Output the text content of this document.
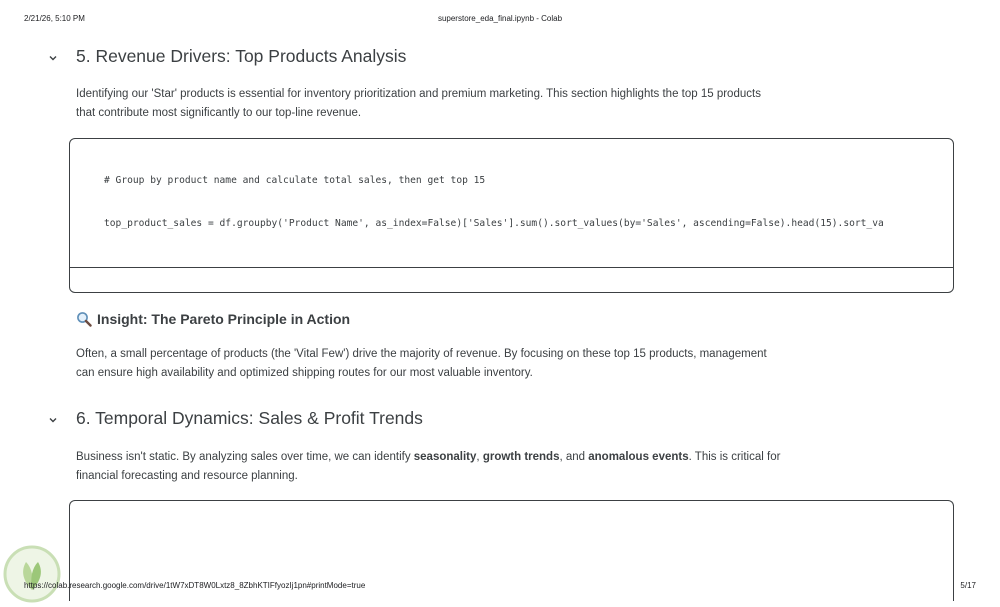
2/21/26, 5:10 PM	superstore_eda_final.ipynb - Colab
5. Revenue Drivers: Top Products Analysis

Identifying our 'Star' products is essential for inventory prioritization and premium marketing. This section highlights the top 15 products
that contribute most significantly to our top-line revenue.

# Group by product name and calculate total sales, then get top 15

top_product_sales = df.groupby('Product Name', as_index=False)['Sales'].sum().sort_values(by='Sales', ascending=False).head(15).sort_va

Insight: The Pareto Principle in Action

Often, a small percentage of products (the 'Vital Few') drive the majority of revenue. By focusing on these top 15 products, management
can ensure high availability and optimized shipping routes for our most valuable inventory.

6. Temporal Dynamics: Sales & Profit Trends

Business isn't static. By analyzing sales over time, we can identify seasonality, growth trends, and anomalous events. This is critical for
financial forecasting and resource planning.

https://colab.research.google.com/drive/1tW7xDT8W0Lxtz8_8ZbhKTIFfyozIj1pn#printMode=true	5/17
